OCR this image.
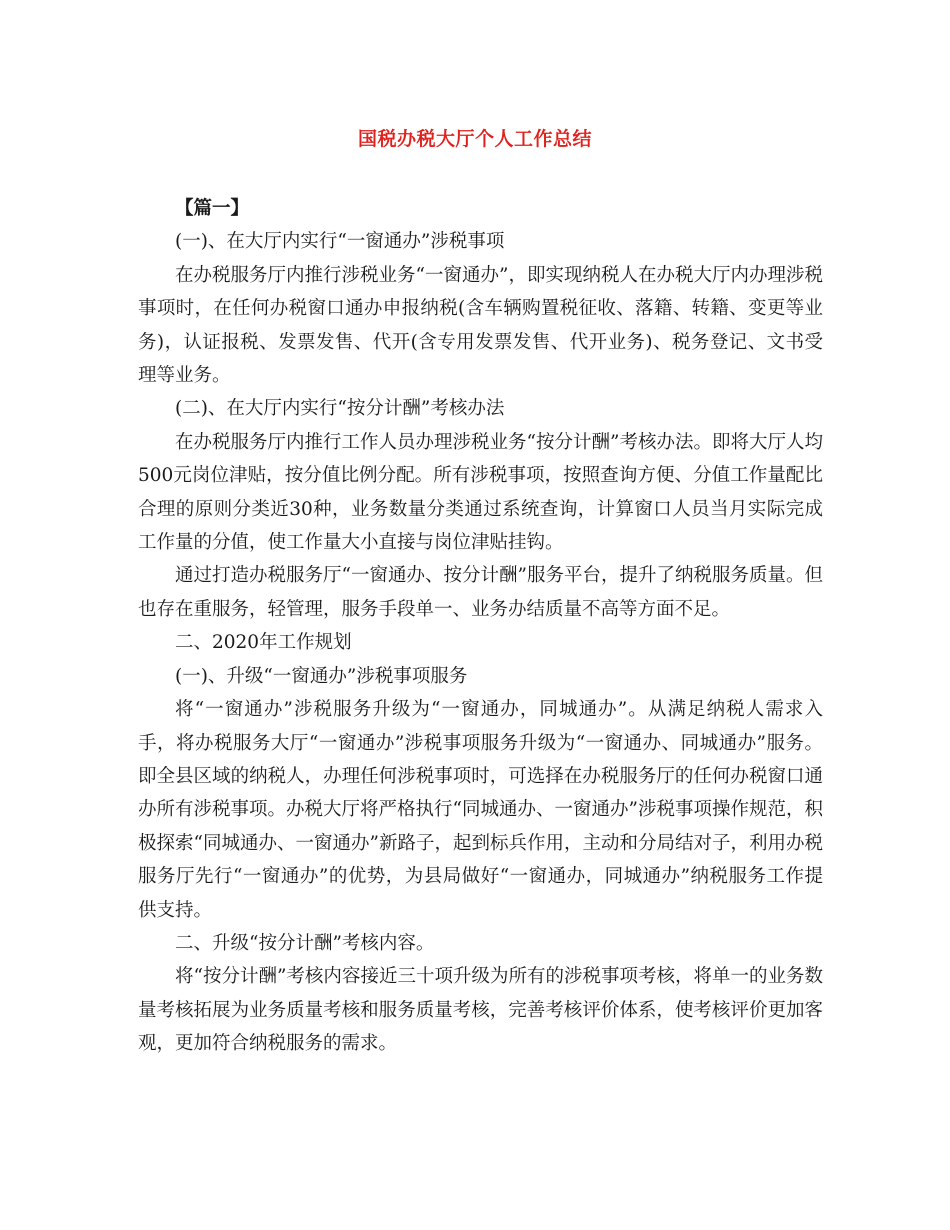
国税办税大厅个人工作总结

【篇一】

(一)、在大厅内实行“一窗通办”涉税事项

在办税服务厅内推行涉税业务“一窗通办”，即实现纳税人在办税大厅内办理涉税事项时，在任何办税窗口通办申报纳税(含车辆购置税征收、落籍、转籍、变更等业务)，认证报税、发票发售、代开(含专用发票发售、代开业务)、税务登记、文书受理等业务。

(二)、在大厅内实行“按分计酬”考核办法

在办税服务厅内推行工作人员办理涉税业务“按分计酬”考核办法。即将大厅人均500元岗位津贴，按分值比例分配。所有涉税事项，按照查询方便、分值工作量配比合理的原则分类近30种，业务数量分类通过系统查询，计算窗口人员当月实际完成工作量的分值，使工作量大小直接与岗位津贴挂钩。

通过打造办税服务厅“一窗通办、按分计酬”服务平台，提升了纳税服务质量。但也存在重服务，轻管理，服务手段单一、业务办结质量不高等方面不足。

二、2020年工作规划

(一)、升级“一窗通办”涉税事项服务

将“一窗通办”涉税服务升级为“一窗通办，同城通办”。从满足纳税人需求入手，将办税服务大厅“一窗通办”涉税事项服务升级为“一窗通办、同城通办”服务。即全县区域的纳税人，办理任何涉税事项时，可选择在办税服务厅的任何办税窗口通办所有涉税事项。办税大厅将严格执行“同城通办、一窗通办”涉税事项操作规范，积极探索“同城通办、一窗通办”新路子，起到标兵作用，主动和分局结对子，利用办税服务厅先行“一窗通办”的优势，为县局做好“一窗通办，同城通办”纳税服务工作提供支持。

二、升级“按分计酬”考核内容。

将“按分计酬”考核内容接近三十项升级为所有的涉税事项考核，将单一的业务数量考核拓展为业务质量考核和服务质量考核，完善考核评价体系，使考核评价更加客观，更加符合纳税服务的需求。
